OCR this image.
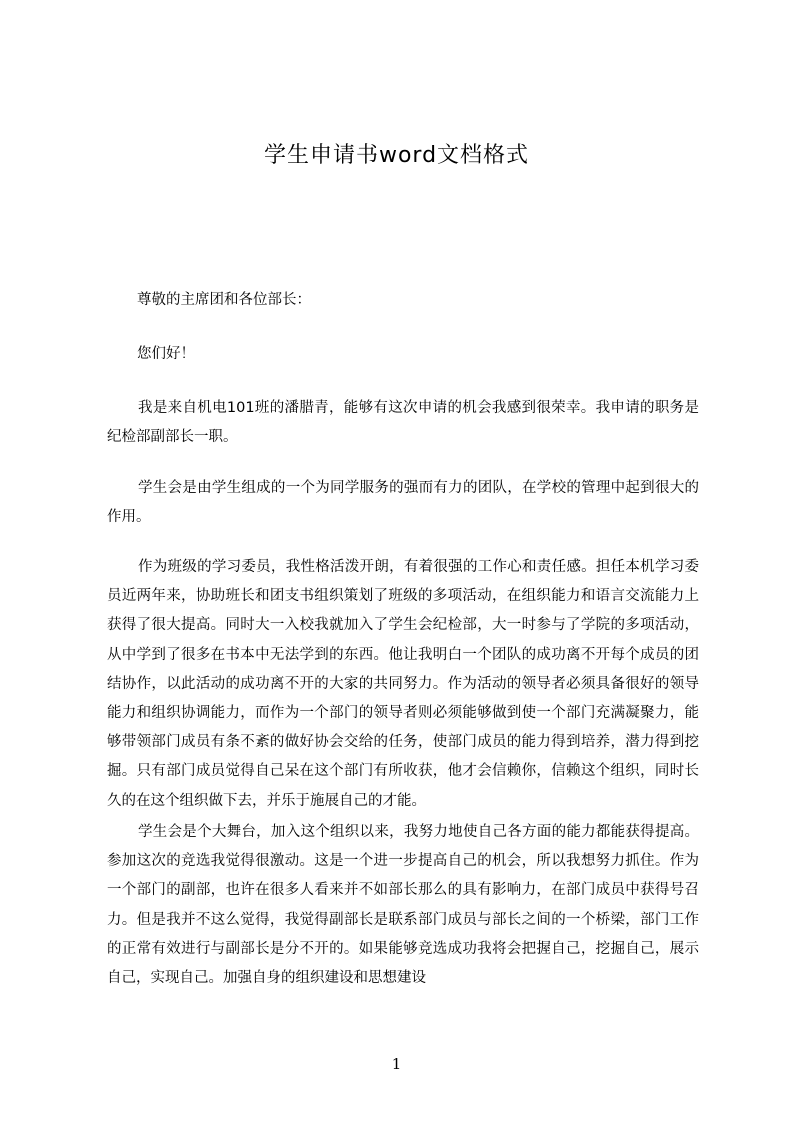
学生申请书word文档格式
尊敬的主席团和各位部长：
您们好！

我是来自机电101班的潘腊青，能够有这次申请的机会我感到很荣幸。我申请的职务是纪检部副部长一职。

学生会是由学生组成的一个为同学服务的强而有力的团队，在学校的管理中起到很大的作用。

作为班级的学习委员，我性格活泼开朗，有着很强的工作心和责任感。担任本机学习委员近两年来，协助班长和团支书组织策划了班级的多项活动，在组织能力和语言交流能力上获得了很大提高。同时大一入校我就加入了学生会纪检部，大一时参与了学院的多项活动，从中学到了很多在书本中无法学到的东西。他让我明白一个团队的成功离不开每个成员的团结协作，以此活动的成功离不开的大家的共同努力。作为活动的领导者必须具备很好的领导能力和组织协调能力，而作为一个部门的领导者则必须能够做到使一个部门充满凝聚力，能够带领部门成员有条不紊的做好协会交给的任务，使部门成员的能力得到培养，潜力得到挖掘。只有部门成员觉得自己呆在这个部门有所收获，他才会信赖你，信赖这个组织，同时长久的在这个组织做下去，并乐于施展自己的才能。

学生会是个大舞台，加入这个组织以来，我努力地使自己各方面的能力都能获得提高。参加这次的竞选我觉得很激动。这是一个进一步提高自己的机会，所以我想努力抓住。作为一个部门的副部，也许在很多人看来并不如部长那么的具有影响力，在部门成员中获得号召力。但是我并不这么觉得，我觉得副部长是联系部门成员与部长之间的一个桥梁，部门工作的正常有效进行与副部长是分不开的。如果能够竞选成功我将会把握自己，挖掘自己，展示自己，实现自己。加强自身的组织建设和思想建设

1
